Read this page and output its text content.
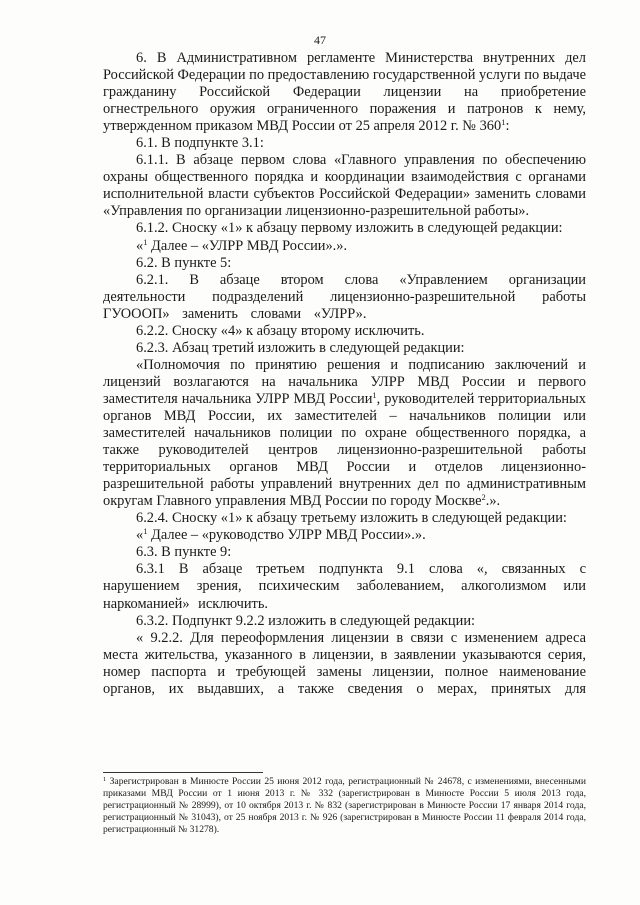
47

6. В Административном регламенте Министерства внутренних дел Российской Федерации по предоставлению государственной услуги по выдаче гражданину Российской Федерации лицензии на приобретение огнестрельного оружия ограниченного поражения и патронов к нему, утвержденном приказом МВД России от 25 апреля 2012 г. № $360^1$:

6.1. В подпункте 3.1:

6.1.1. В абзаце первом слова «Главного управления по обеспечению охраны общественного порядка и координации взаимодействия с органами исполнительной власти субъектов Российской Федерации» заменить словами «Управления по организации лицензионно-разрешительной работы».

6.1.2. Сноску «1» к абзацу первому изложить в следующей редакции:

«$^1$ Далее – «УЛРР МВД России».».

6.2. В пункте 5:

6.2.1. В абзаце втором слова «Управлением организации деятельности подразделений лицензионно-разрешительной работы ГУОООП» заменить словами «УЛРР».

6.2.2. Сноску «4» к абзацу второму исключить.

6.2.3. Абзац третий изложить в следующей редакции:

«Полномочия по принятию решения и подписанию заключений и лицензий возлагаются на начальника УЛРР МВД России и первого заместителя начальника УЛРР МВД России$^1$, руководителей территориальных органов МВД России, их заместителей – начальников полиции или заместителей начальников полиции по охране общественного порядка, а также руководителей центров лицензионно-разрешительной работы территориальных органов МВД России и отделов лицензионно-разрешительной работы управлений внутренних дел по административным округам Главного управления МВД России по городу Москве$^2$.».

6.2.4. Сноску «1» к абзацу третьему изложить в следующей редакции:

«$^1$ Далее – «руководство УЛРР МВД России».».

6.3. В пункте 9:

6.3.1 В абзаце третьем подпункта 9.1 слова «, связанных с нарушением зрения, психическим заболеванием, алкоголизмом или наркоманией» исключить.

6.3.2. Подпункт 9.2.2 изложить в следующей редакции:

« 9.2.2. Для переоформления лицензии в связи с изменением адреса места жительства, указанного в лицензии, в заявлении указываются серия, номер паспорта и требующей замены лицензии, полное наименование органов, их выдавших, а также сведения о мерах, принятых для

$^1$ Зарегистрирован в Минюсте России 25 июня 2012 года, регистрационный № 24678, с изменениями, внесенными приказами МВД России от 1 июня 2013 г. № 332 (зарегистрирован в Минюсте России 5 июля 2013 года, регистрационный № 28999), от 10 октября 2013 г. № 832 (зарегистрирован в Минюсте России 17 января 2014 года, регистрационный № 31043), от 25 ноября 2013 г. № 926 (зарегистрирован в Минюсте России 11 февраля 2014 года, регистрационный № 31278).
